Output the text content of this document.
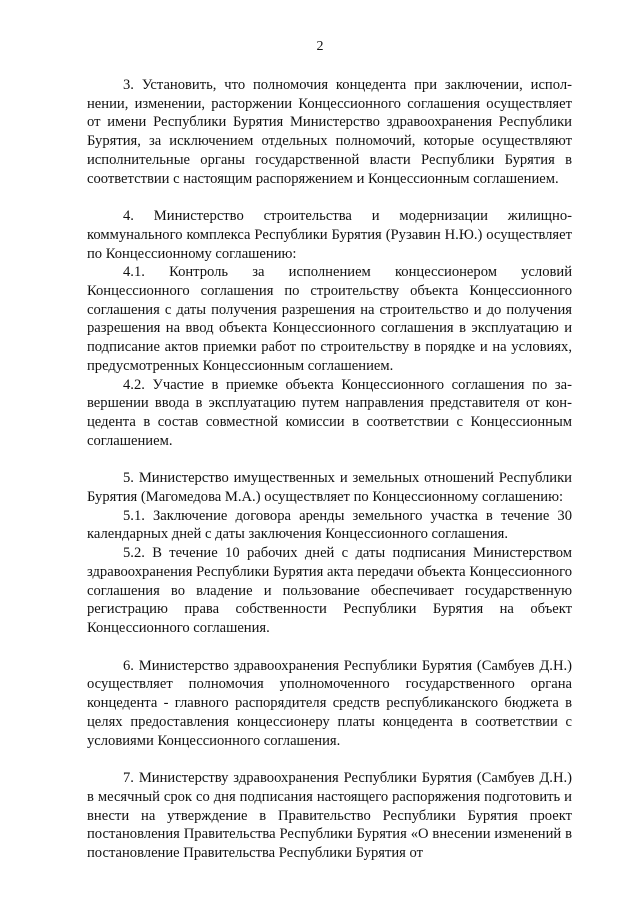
2

3. Установить, что полномочия концедента при заключении, исполнении, изменении, расторжении Концессионного соглашения осуществляет от имени Республики Бурятия Министерство здравоохранения Республики Бурятия, за исключением отдельных полномочий, которые осуществляют исполнительные органы государственной власти Республики Бурятия в соответствии с настоящим распоряжением и Концессионным соглашением.

4. Министерство строительства и модернизации жилищно-коммунального комплекса Республики Бурятия (Рузавин Н.Ю.) осуществляет по Концессионному соглашению:

4.1. Контроль за исполнением концессионером условий Концессионного соглашения по строительству объекта Концессионного соглашения с даты получения разрешения на строительство и до получения разрешения на ввод объекта Концессионного соглашения в эксплуатацию и подписание актов приемки работ по строительству в порядке и на условиях, предусмотренных Концессионным соглашением.

4.2. Участие в приемке объекта Концессионного соглашения по завершении ввода в эксплуатацию путем направления представителя от концедента в состав совместной комиссии в соответствии с Концессионным соглашением.

5. Министерство имущественных и земельных отношений Республики Бурятия (Магомедова М.А.) осуществляет по Концессионному соглашению:

5.1. Заключение договора аренды земельного участка в течение 30 календарных дней с даты заключения Концессионного соглашения.

5.2. В течение 10 рабочих дней с даты подписания Министерством здравоохранения Республики Бурятия акта передачи объекта Концессионного соглашения во владение и пользование обеспечивает государственную регистрацию права собственности Республики Бурятия на объект Концессионного соглашения.

6. Министерство здравоохранения Республики Бурятия (Самбуев Д.Н.) осуществляет полномочия уполномоченного государственного органа концедента - главного распорядителя средств республиканского бюджета в целях предоставления концессионеру платы концедента в соответствии с условиями Концессионного соглашения.

7. Министерству здравоохранения Республики Бурятия (Самбуев Д.Н.) в месячный срок со дня подписания настоящего распоряжения подготовить и внести на утверждение в Правительство Республики Бурятия проект постановления Правительства Республики Бурятия «О внесении изменений в постановление Правительства Республики Бурятия от
